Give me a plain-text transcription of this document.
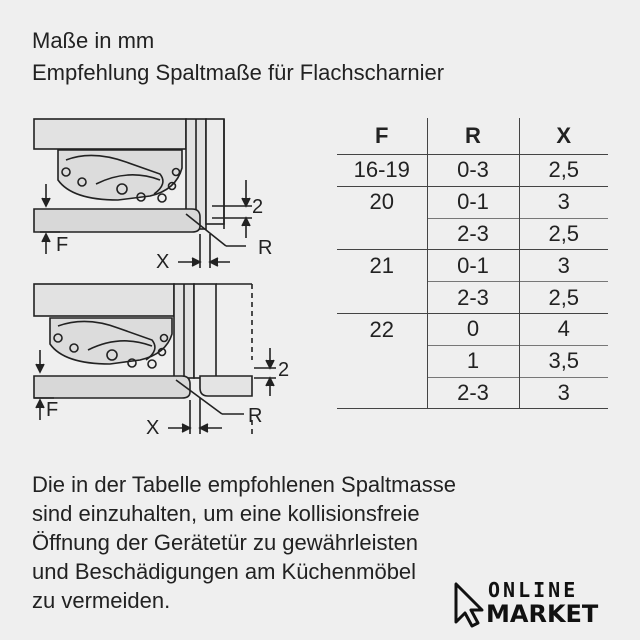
Maße in mm
Empfehlung Spaltmaße für Flachscharnier
2
F
X
R
2
F
X
R
F	R	X
16-19	0-3	2,5
20	0-1	3
	2-3	2,5
21	0-1	3
	2-3	2,5
22	0	4
	1	3,5
	2-3	3
Die in der Tabelle empfohlenen Spaltmasse
sind einzuhalten, um eine kollisionsfreie
Öffnung der Gerätetür zu gewährleisten
und Beschädigungen am Küchenmöbel
zu vermeiden.	ONLINE
MARKET
